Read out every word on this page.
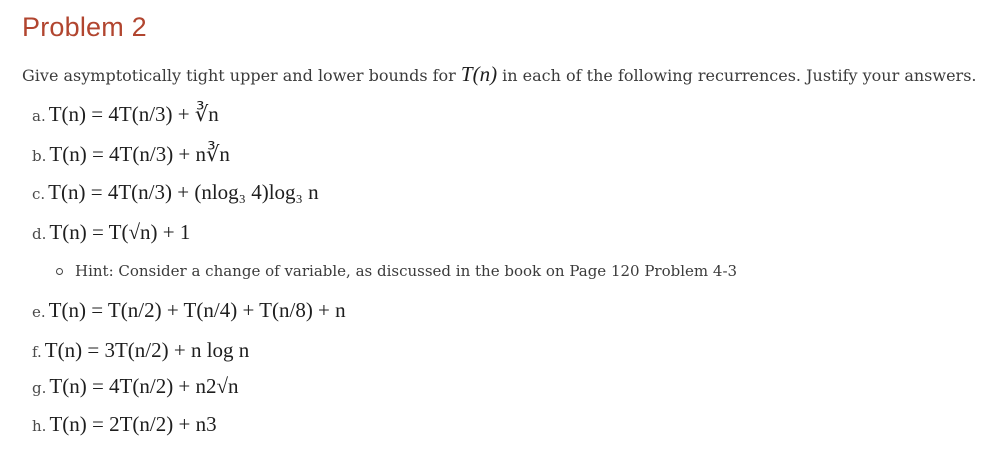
Problem 2
Give asymptotically tight upper and lower bounds for T(n) in each of the following recurrences. Justify your answers.
a. T(n) = 4T(n/3) + ∛n
b. T(n) = 4T(n/3) + n ∛n
c. T(n) = 4T(n/3) + (n log₃ 4)log₃ n
d. T(n) = T( √n) + 1
Hint: Consider a change of variable, as discussed in the book on Page 120 Problem 4-3
e. T(n) = T(n/2) + T(n/4) + T(n/8) + n
f. T(n) = 3T(n/2) + n log n
g. T(n) = 4T(n/2) + n 2√n
h. T(n) = 2T(n/2) + n 3
